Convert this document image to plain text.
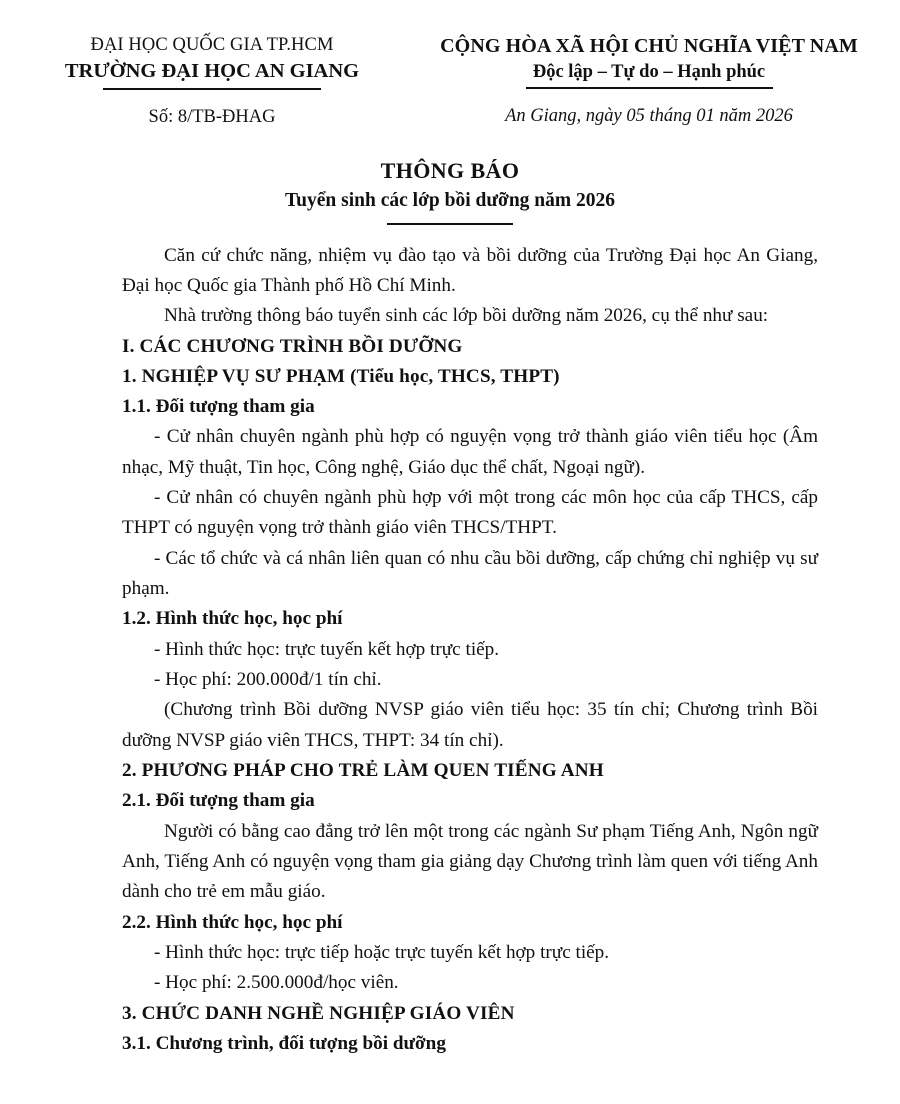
ĐẠI HỌC QUỐC GIA TP.HCM
TRƯỜNG ĐẠI HỌC AN GIANG
Số: 8/TB-ĐHAG
CỘNG HÒA XÃ HỘI CHỦ NGHĨA VIỆT NAM
Độc lập – Tự do – Hạnh phúc
An Giang, ngày 05 tháng 01 năm 2026
THÔNG BÁO
Tuyển sinh các lớp bồi dưỡng năm 2026

Căn cứ chức năng, nhiệm vụ đào tạo và bồi dưỡng của Trường Đại học An Giang, Đại học Quốc gia Thành phố Hồ Chí Minh.

Nhà trường thông báo tuyển sinh các lớp bồi dưỡng năm 2026, cụ thể như sau:

I. CÁC CHƯƠNG TRÌNH BỒI DƯỠNG

1. NGHIỆP VỤ SƯ PHẠM (Tiểu học, THCS, THPT)

1.1. Đối tượng tham gia

- Cử nhân chuyên ngành phù hợp có nguyện vọng trở thành giáo viên tiểu học (Âm nhạc, Mỹ thuật, Tin học, Công nghệ, Giáo dục thể chất, Ngoại ngữ).

- Cử nhân có chuyên ngành phù hợp với một trong các môn học của cấp THCS, cấp THPT có nguyện vọng trở thành giáo viên THCS/THPT.

- Các tổ chức và cá nhân liên quan có nhu cầu bồi dưỡng, cấp chứng chỉ nghiệp vụ sư phạm.

1.2. Hình thức học, học phí

- Hình thức học: trực tuyến kết hợp trực tiếp.

- Học phí: 200.000đ/1 tín chỉ.

(Chương trình Bồi dưỡng NVSP giáo viên tiểu học: 35 tín chỉ; Chương trình Bồi dưỡng NVSP giáo viên THCS, THPT: 34 tín chỉ).

2. PHƯƠNG PHÁP CHO TRẺ LÀM QUEN TIẾNG ANH

2.1. Đối tượng tham gia

Người có bằng cao đẳng trở lên một trong các ngành Sư phạm Tiếng Anh, Ngôn ngữ Anh, Tiếng Anh có nguyện vọng tham gia giảng dạy Chương trình làm quen với tiếng Anh dành cho trẻ em mẫu giáo.

2.2. Hình thức học, học phí

- Hình thức học: trực tiếp hoặc trực tuyến kết hợp trực tiếp.

- Học phí: 2.500.000đ/học viên.

3. CHỨC DANH NGHỀ NGHIỆP GIÁO VIÊN

3.1. Chương trình, đối tượng bồi dưỡng
